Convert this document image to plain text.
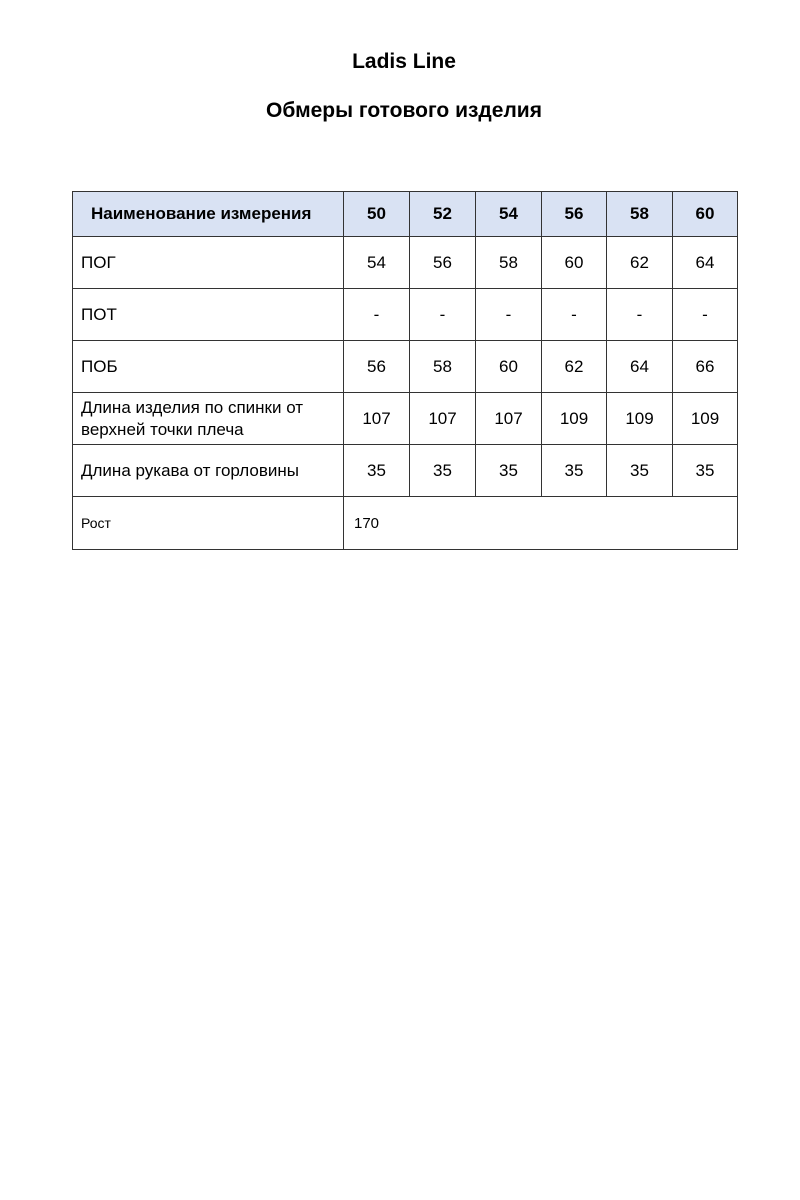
Ladis Line
Обмеры готового изделия
Наименование измерения	50	52	54	56	58	60
ПОГ	54	56	58	60	62	64
ПОТ	-	-	-	-	-	-
ПОБ	56	58	60	62	64	66
Длина изделия по спинки от верхней точки плеча	107	107	107	109	109	109
Длина рукава от горловины	35	35	35	35	35	35
Рост	170					
